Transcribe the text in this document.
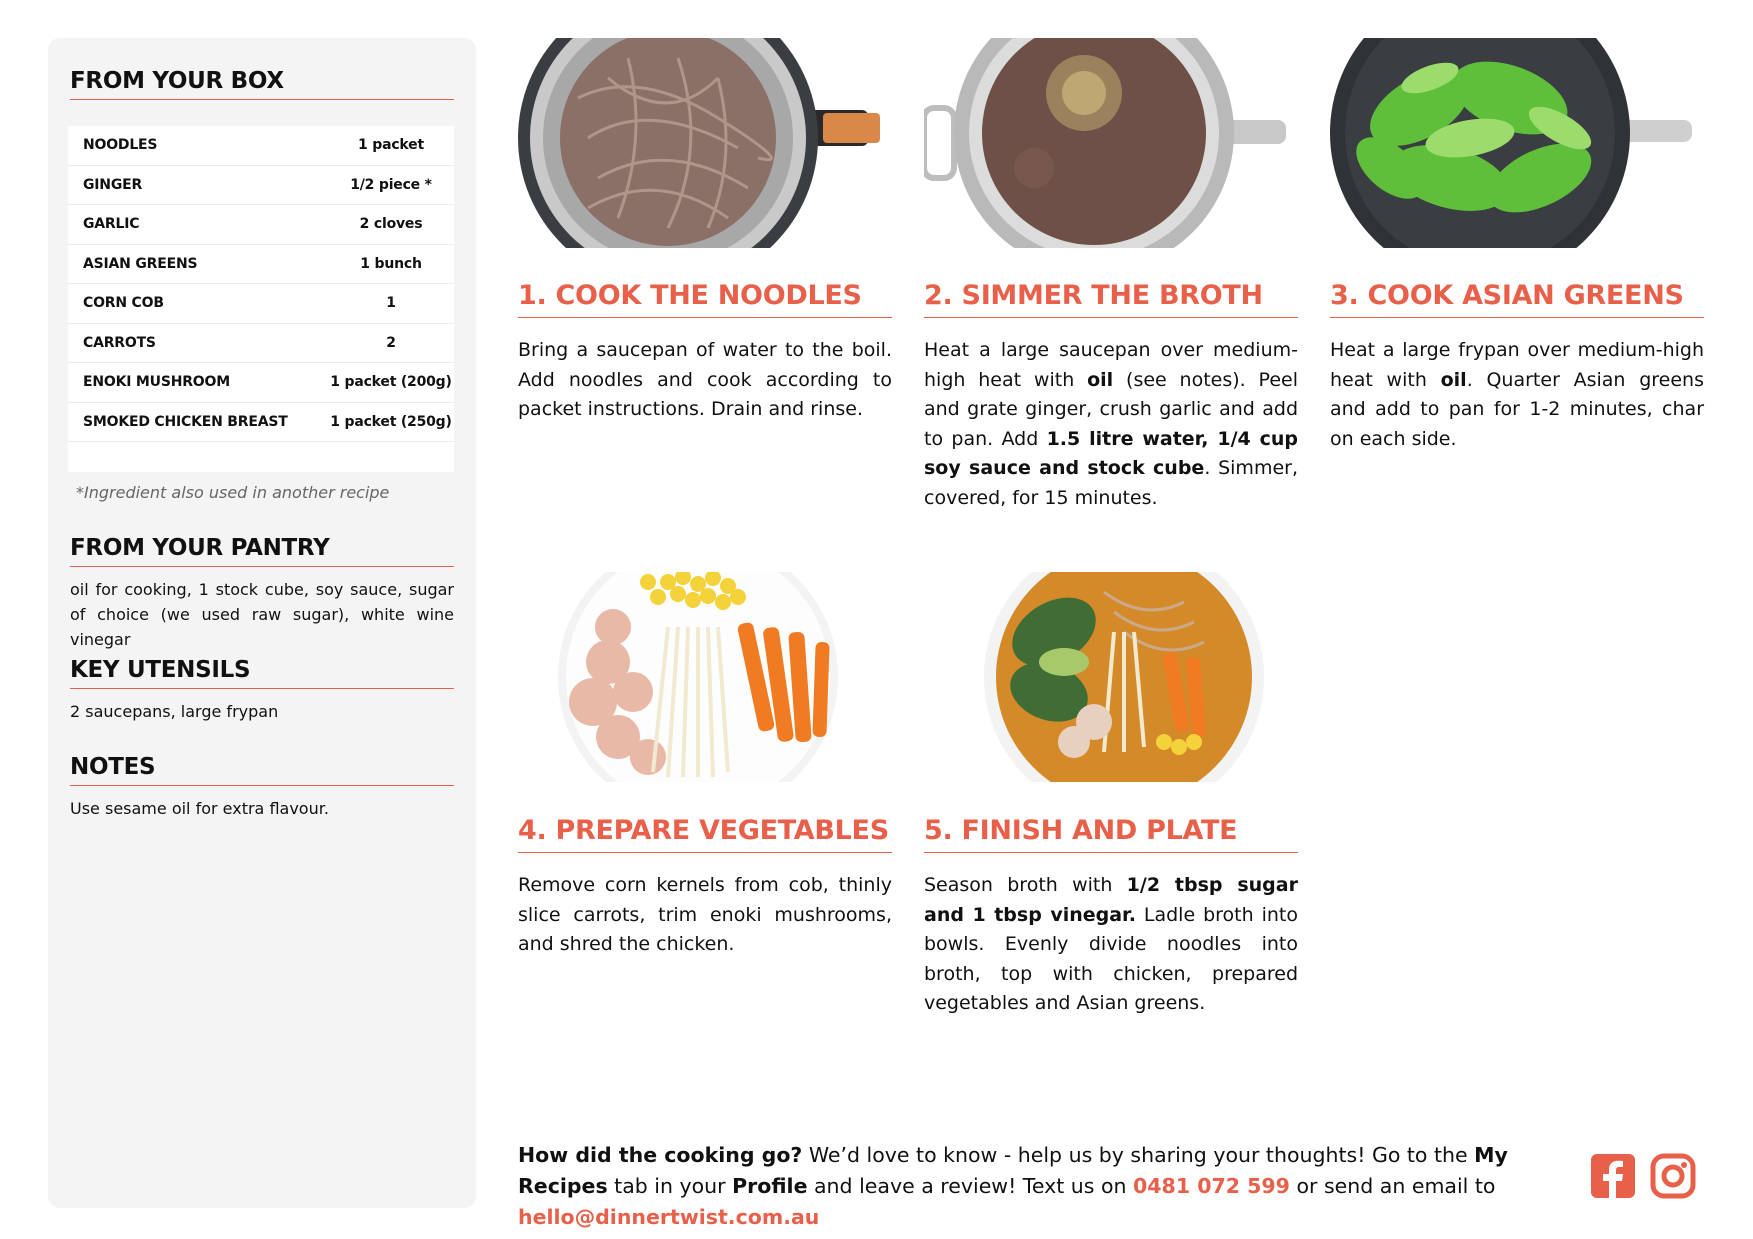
FROM YOUR BOX
NOODLES	1 packet
GINGER	1/2 piece *
GARLIC	2 cloves
ASIAN GREENS	1 bunch
CORN COB	1
CARROTS	2
ENOKI MUSHROOM	1 packet (200g)
SMOKED CHICKEN BREAST	1 packet (250g)
*Ingredient also used in another recipe
FROM YOUR PANTRY
oil for cooking, 1 stock cube, soy sauce, sugar of choice (we used raw sugar), white wine vinegar
KEY UTENSILS
2 saucepans, large frypan
NOTES
Use sesame oil for extra flavour.
1. COOK THE NOODLES
Bring a saucepan of water to the boil. Add noodles and cook according to packet instructions. Drain and rinse.
2. SIMMER THE BROTH
Heat a large saucepan over medium-high heat with oil (see notes). Peel and grate ginger, crush garlic and add to pan. Add 1.5 litre water, 1/4 cup soy sauce and stock cube. Simmer, covered, for 15 minutes.
3. COOK ASIAN GREENS
Heat a large frypan over medium-high heat with oil. Quarter Asian greens and add to pan for 1-2 minutes, char on each side.
4. PREPARE VEGETABLES
Remove corn kernels from cob, thinly slice carrots, trim enoki mushrooms, and shred the chicken.
5. FINISH AND PLATE
Season broth with 1/2 tbsp sugar and 1 tbsp vinegar. Ladle broth into bowls. Evenly divide noodles into broth, top with chicken, prepared vegetables and Asian greens.
How did the cooking go? We’d love to know - help us by sharing your thoughts! Go to the My Recipes tab in your Profile and leave a review! Text us on 0481 072 599 or send an email to hello@dinnertwist.com.au
